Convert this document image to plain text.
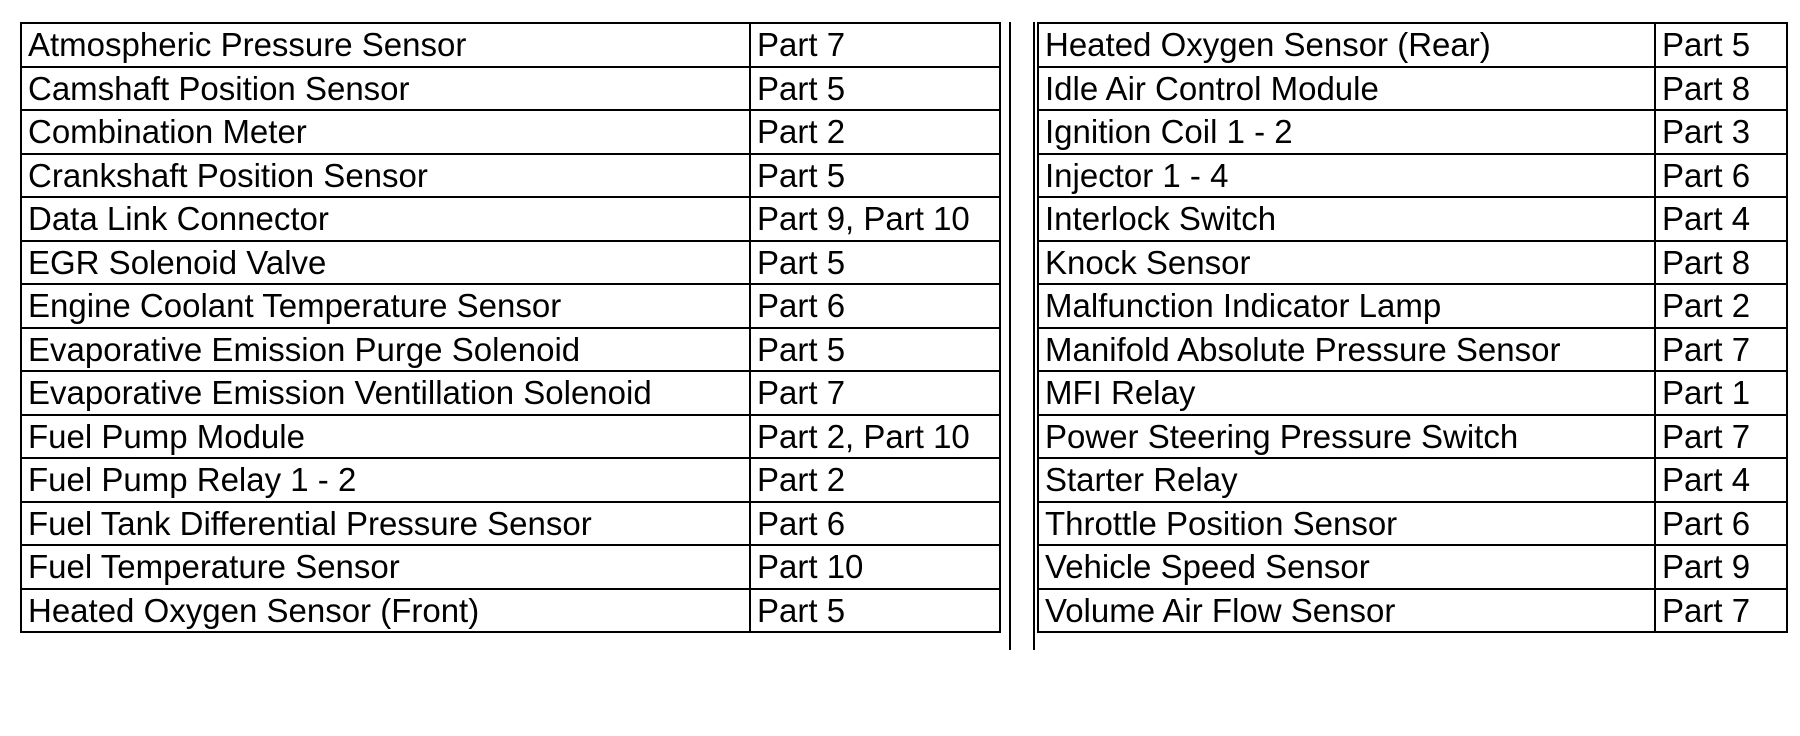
Atmospheric Pressure Sensor	Part 7
Camshaft Position Sensor	Part 5
Combination Meter	Part 2
Crankshaft Position Sensor	Part 5
Data Link Connector	Part 9, Part 10
EGR Solenoid Valve	Part 5
Engine Coolant Temperature Sensor	Part 6
Evaporative Emission Purge Solenoid	Part 5
Evaporative Emission Ventillation Solenoid	Part 7
Fuel Pump Module	Part 2, Part 10
Fuel Pump Relay 1 - 2	Part 2
Fuel Tank Differential Pressure Sensor	Part 6
Fuel Temperature Sensor	Part 10
Heated Oxygen Sensor (Front)	Part 5
Heated Oxygen Sensor (Rear)	Part 5
Idle Air Control Module	Part 8
Ignition Coil 1 - 2	Part 3
Injector 1 - 4	Part 6
Interlock Switch	Part 4
Knock Sensor	Part 8
Malfunction Indicator Lamp	Part 2
Manifold Absolute Pressure Sensor	Part 7
MFI Relay	Part 1
Power Steering Pressure Switch	Part 7
Starter Relay	Part 4
Throttle Position Sensor	Part 6
Vehicle Speed Sensor	Part 9
Volume Air Flow Sensor	Part 7
